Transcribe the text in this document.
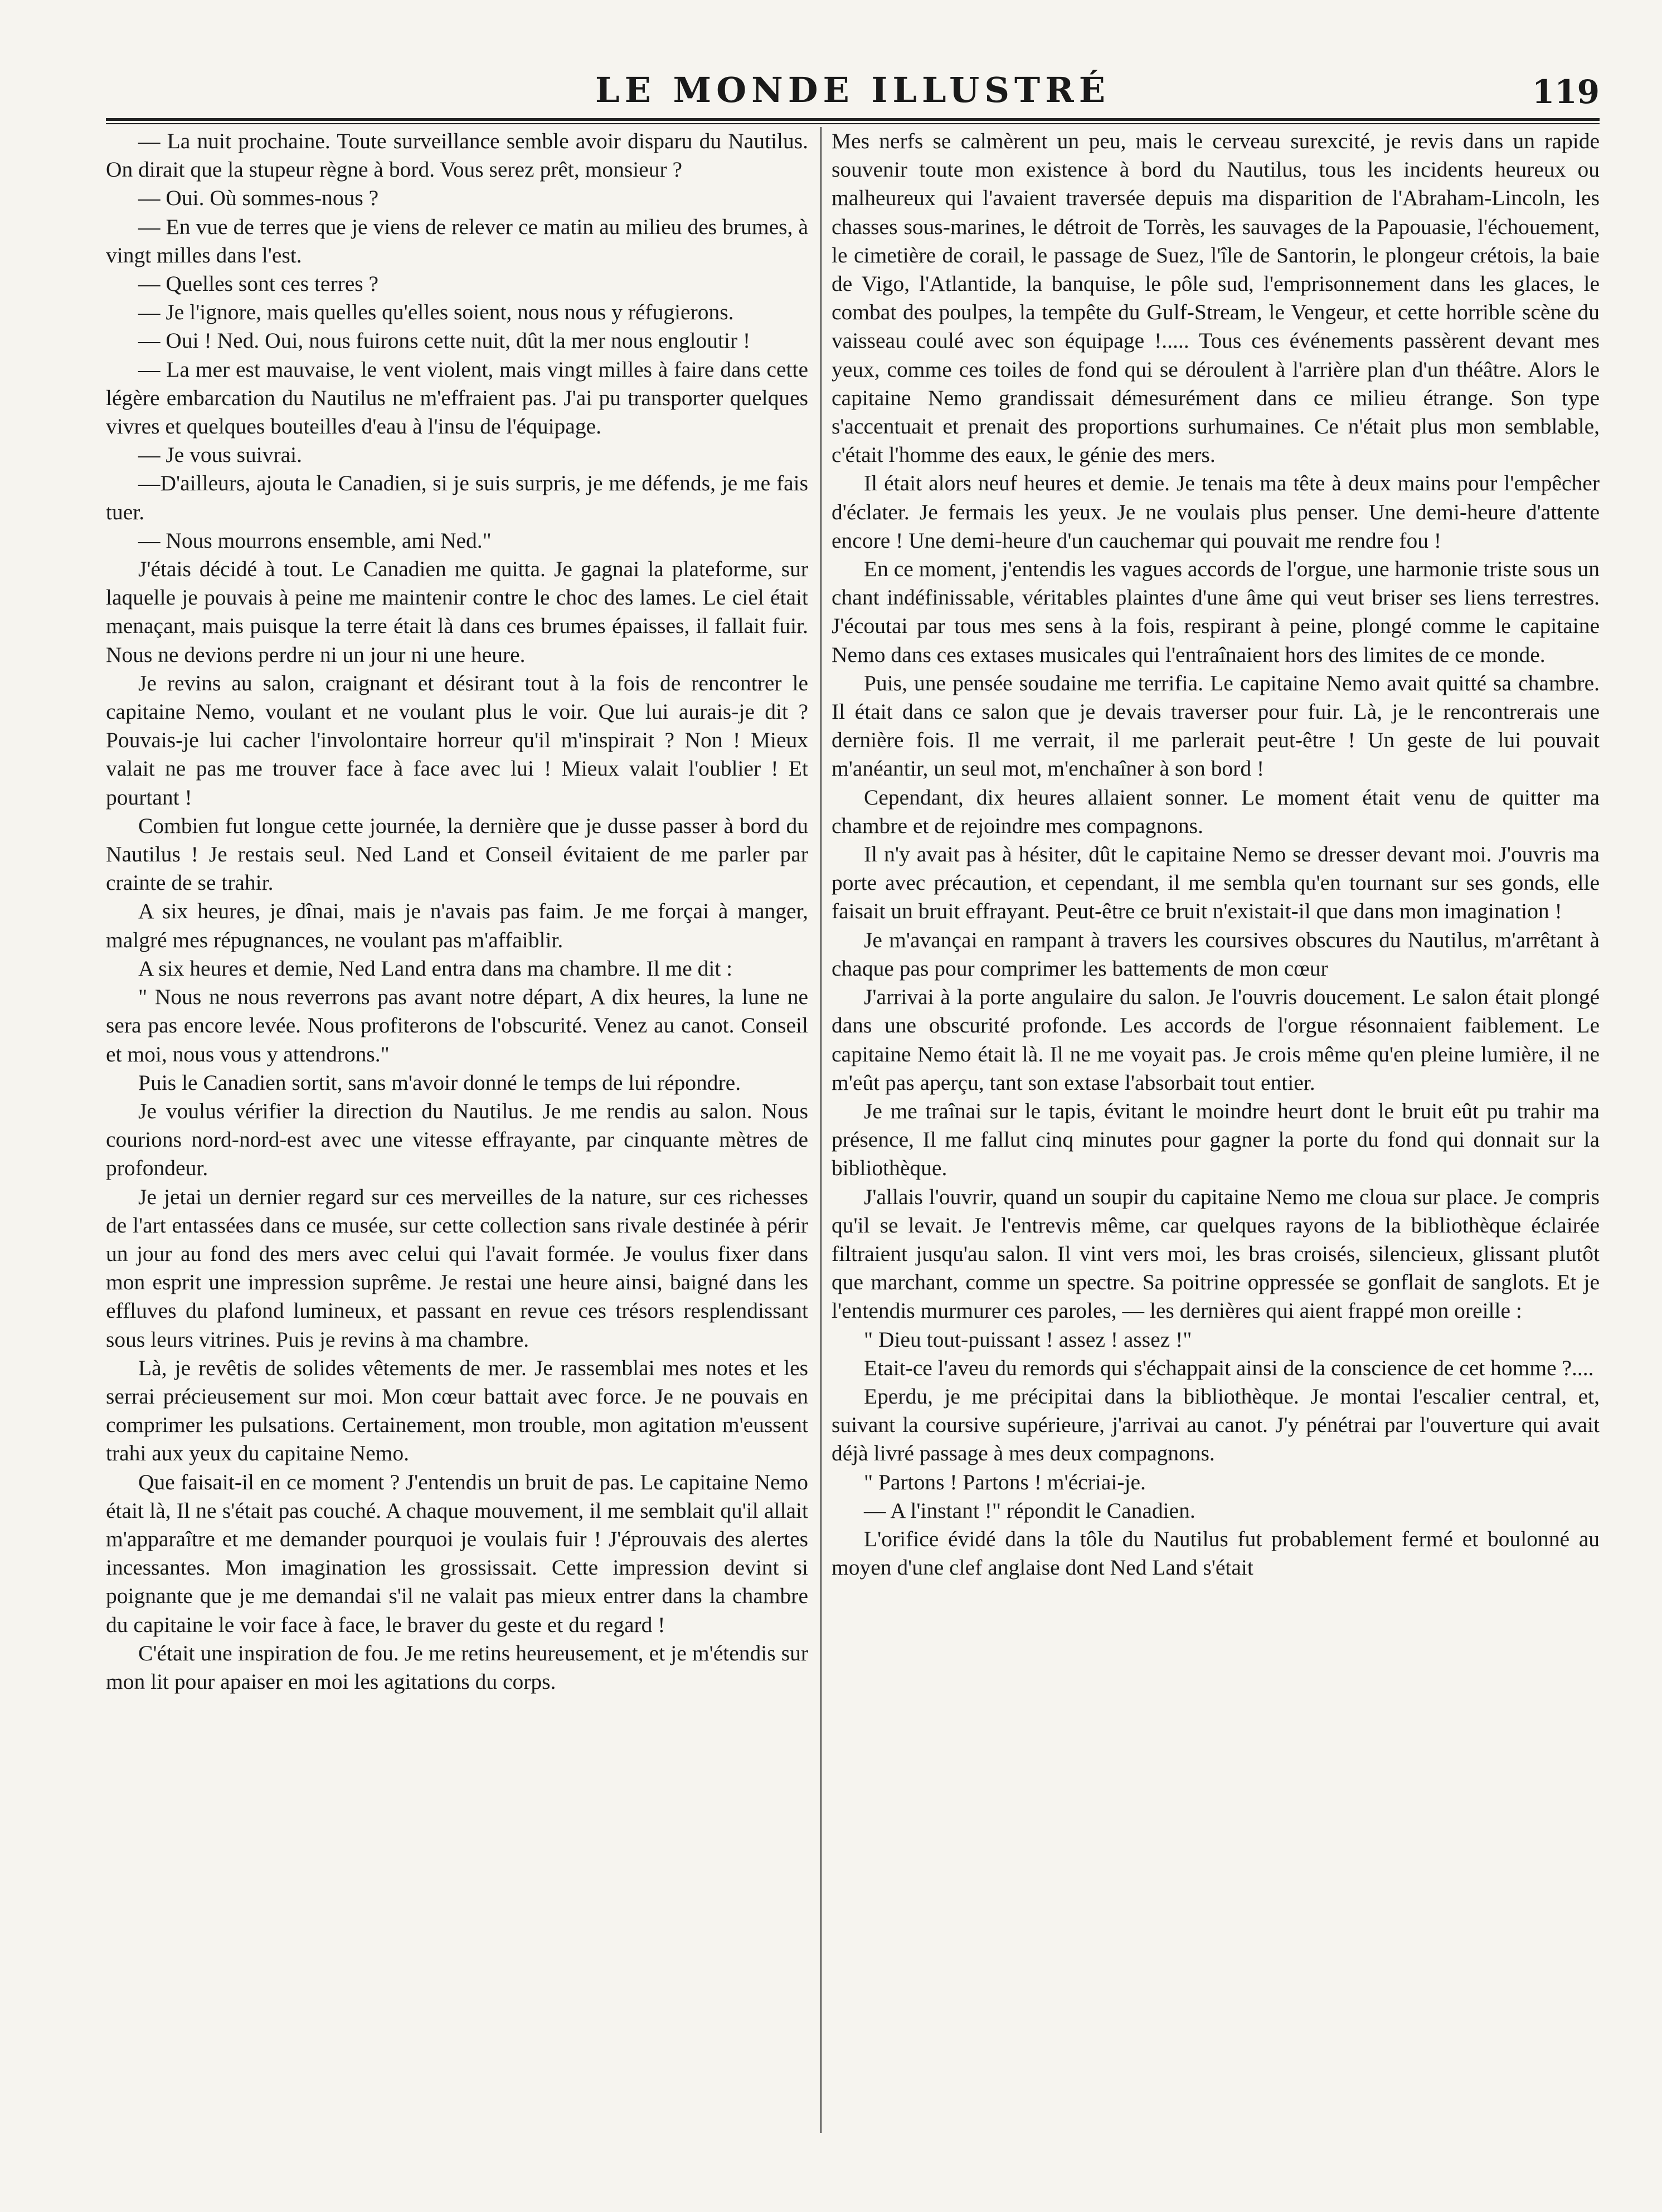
LE MONDE ILLUSTRÉ	119

— La nuit prochaine. Toute surveillance semble avoir disparu du Nautilus. On dirait que la stupeur règne à bord. Vous serez prêt, monsieur ?

— Oui. Où sommes-nous ?

— En vue de terres que je viens de relever ce matin au milieu des brumes, à vingt milles dans l'est.

— Quelles sont ces terres ?

— Je l'ignore, mais quelles qu'elles soient, nous nous y réfugierons.

— Oui ! Ned. Oui, nous fuirons cette nuit, dût la mer nous engloutir !

— La mer est mauvaise, le vent violent, mais vingt milles à faire dans cette légère embarcation du Nautilus ne m'effraient pas. J'ai pu transporter quelques vivres et quelques bouteilles d'eau à l'insu de l'équipage.

— Je vous suivrai.

—D'ailleurs, ajouta le Canadien, si je suis surpris, je me défends, je me fais tuer.

— Nous mourrons ensemble, ami Ned."

J'étais décidé à tout. Le Canadien me quitta. Je gagnai la plateforme, sur laquelle je pouvais à peine me maintenir contre le choc des lames. Le ciel était menaçant, mais puisque la terre était là dans ces brumes épaisses, il fallait fuir. Nous ne devions perdre ni un jour ni une heure.

Je revins au salon, craignant et désirant tout à la fois de rencontrer le capitaine Nemo, voulant et ne voulant plus le voir. Que lui aurais-je dit ? Pouvais-je lui cacher l'involontaire horreur qu'il m'inspirait ? Non ! Mieux valait ne pas me trouver face à face avec lui ! Mieux valait l'oublier ! Et pourtant !

Combien fut longue cette journée, la dernière que je dusse passer à bord du Nautilus ! Je restais seul. Ned Land et Conseil évitaient de me parler par crainte de se trahir.

A six heures, je dînai, mais je n'avais pas faim. Je me forçai à manger, malgré mes répugnances, ne voulant pas m'affaiblir.

A six heures et demie, Ned Land entra dans ma chambre. Il me dit :

" Nous ne nous reverrons pas avant notre départ, A dix heures, la lune ne sera pas encore levée. Nous profiterons de l'obscurité. Venez au canot. Conseil et moi, nous vous y attendrons."

Puis le Canadien sortit, sans m'avoir donné le temps de lui répondre.

Je voulus vérifier la direction du Nautilus. Je me rendis au salon. Nous courions nord-nord-est avec une vitesse effrayante, par cinquante mètres de profondeur.

Je jetai un dernier regard sur ces merveilles de la nature, sur ces richesses de l'art entassées dans ce musée, sur cette collection sans rivale destinée à périr un jour au fond des mers avec celui qui l'avait formée. Je voulus fixer dans mon esprit une impression suprême. Je restai une heure ainsi, baigné dans les effluves du plafond lumineux, et passant en revue ces trésors resplendissant sous leurs vitrines. Puis je revins à ma chambre.

Là, je revêtis de solides vêtements de mer. Je rassemblai mes notes et les serrai précieusement sur moi. Mon cœur battait avec force. Je ne pouvais en comprimer les pulsations. Certainement, mon trouble, mon agitation m'eussent trahi aux yeux du capitaine Nemo.

Que faisait-il en ce moment ? J'entendis un bruit de pas. Le capitaine Nemo était là, Il ne s'était pas couché. A chaque mouvement, il me semblait qu'il allait m'apparaître et me demander pourquoi je voulais fuir ! J'éprouvais des alertes incessantes. Mon imagination les grossissait. Cette impression devint si poignante que je me demandai s'il ne valait pas mieux entrer dans la chambre du capitaine le voir face à face, le braver du geste et du regard !

C'était une inspiration de fou. Je me retins heureusement, et je m'étendis sur mon lit pour apaiser en moi les agitations du corps.

Mes nerfs se calmèrent un peu, mais le cerveau surexcité, je revis dans un rapide souvenir toute mon existence à bord du Nautilus, tous les incidents heureux ou malheureux qui l'avaient traversée depuis ma disparition de l'Abraham-Lincoln, les chasses sous-marines, le détroit de Torrès, les sauvages de la Papouasie, l'échouement, le cimetière de corail, le passage de Suez, l'île de Santorin, le plongeur crétois, la baie de Vigo, l'Atlantide, la banquise, le pôle sud, l'emprisonnement dans les glaces, le combat des poulpes, la tempête du Gulf-Stream, le Vengeur, et cette horrible scène du vaisseau coulé avec son équipage !..... Tous ces événements passèrent devant mes yeux, comme ces toiles de fond qui se déroulent à l'arrière plan d'un théâtre. Alors le capitaine Nemo grandissait démesurément dans ce milieu étrange. Son type s'accentuait et prenait des proportions surhumaines. Ce n'était plus mon semblable, c'était l'homme des eaux, le génie des mers.

Il était alors neuf heures et demie. Je tenais ma tête à deux mains pour l'empêcher d'éclater. Je fermais les yeux. Je ne voulais plus penser. Une demi-heure d'attente encore ! Une demi-heure d'un cauchemar qui pouvait me rendre fou !

En ce moment, j'entendis les vagues accords de l'orgue, une harmonie triste sous un chant indéfinissable, véritables plaintes d'une âme qui veut briser ses liens terrestres. J'écoutai par tous mes sens à la fois, respirant à peine, plongé comme le capitaine Nemo dans ces extases musicales qui l'entraînaient hors des limites de ce monde.

Puis, une pensée soudaine me terrifia. Le capitaine Nemo avait quitté sa chambre. Il était dans ce salon que je devais traverser pour fuir. Là, je le rencontrerais une dernière fois. Il me verrait, il me parlerait peut-être ! Un geste de lui pouvait m'anéantir, un seul mot, m'enchaîner à son bord !

Cependant, dix heures allaient sonner. Le moment était venu de quitter ma chambre et de rejoindre mes compagnons.

Il n'y avait pas à hésiter, dût le capitaine Nemo se dresser devant moi. J'ouvris ma porte avec précaution, et cependant, il me sembla qu'en tournant sur ses gonds, elle faisait un bruit effrayant. Peut-être ce bruit n'existait-il que dans mon imagination !

Je m'avançai en rampant à travers les coursives obscures du Nautilus, m'arrêtant à chaque pas pour comprimer les battements de mon cœur

J'arrivai à la porte angulaire du salon. Je l'ouvris doucement. Le salon était plongé dans une obscurité profonde. Les accords de l'orgue résonnaient faiblement. Le capitaine Nemo était là. Il ne me voyait pas. Je crois même qu'en pleine lumière, il ne m'eût pas aperçu, tant son extase l'absorbait tout entier.

Je me traînai sur le tapis, évitant le moindre heurt dont le bruit eût pu trahir ma présence, Il me fallut cinq minutes pour gagner la porte du fond qui donnait sur la bibliothèque.

J'allais l'ouvrir, quand un soupir du capitaine Nemo me cloua sur place. Je compris qu'il se levait. Je l'entrevis même, car quelques rayons de la bibliothèque éclairée filtraient jusqu'au salon. Il vint vers moi, les bras croisés, silencieux, glissant plutôt que marchant, comme un spectre. Sa poitrine oppressée se gonflait de sanglots. Et je l'entendis murmurer ces paroles, — les dernières qui aient frappé mon oreille :

" Dieu tout-puissant ! assez ! assez !"

Etait-ce l'aveu du remords qui s'échappait ainsi de la conscience de cet homme ?....

Eperdu, je me précipitai dans la bibliothèque. Je montai l'escalier central, et, suivant la coursive supérieure, j'arrivai au canot. J'y pénétrai par l'ouverture qui avait déjà livré passage à mes deux compagnons.

" Partons ! Partons ! m'écriai-je.

— A l'instant !" répondit le Canadien.

L'orifice évidé dans la tôle du Nautilus fut probablement fermé et boulonné au moyen d'une clef anglaise dont Ned Land s'était
